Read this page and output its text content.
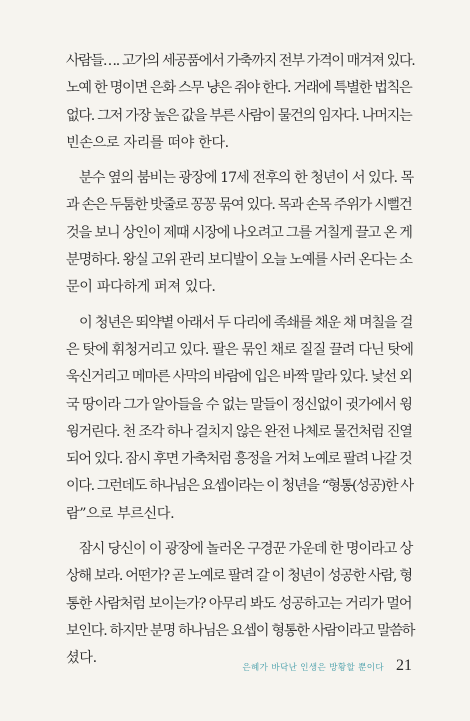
사람들…. 고가의 세공품에서 가축까지 전부 가격이 매겨져 있다.
노예 한 명이면 은화 스무 냥은 쥐야 한다. 거래에 특별한 법칙은
없다. 그저 가장 높은 값을 부른 사람이 물건의 임자다. 나머지는
빈손으로 자리를 떠야 한다.
분수 옆의 붐비는 광장에 17세 전후의 한 청년이 서 있다. 목
과 손은 두툼한 밧줄로 꽁꽁 묶여 있다. 목과 손목 주위가 시뻘건
것을 보니 상인이 제때 시장에 나오려고 그를 거칠게 끌고 온 게
분명하다. 왕실 고위 관리 보디발이 오늘 노예를 사러 온다는 소
문이 파다하게 퍼져 있다.
이 청년은 뙤약볕 아래서 두 다리에 족쇄를 채운 채 며칠을 걸
은 탓에 휘청거리고 있다. 팔은 묶인 채로 질질 끌려 다닌 탓에
욱신거리고 메마른 사막의 바람에 입은 바짝 말라 있다. 낯선 외
국 땅이라 그가 알아들을 수 없는 말들이 정신없이 귓가에서 윙
윙거린다. 천 조각 하나 걸치지 않은 완전 나체로 물건처럼 진열
되어 있다. 잠시 후면 가축처럼 흥정을 거쳐 노예로 팔려 나갈 것
이다. 그런데도 하나님은 요셉이라는 이 청년을 “형통(성공)한 사
람”으로 부르신다.
잠시 당신이 이 광장에 놀러온 구경꾼 가운데 한 명이라고 상
상해 보라. 어떤가? 곧 노예로 팔려 갈 이 청년이 성공한 사람, 형
통한 사람처럼 보이는가? 아무리 봐도 성공하고는 거리가 멀어
보인다. 하지만 분명 하나님은 요셉이 형통한 사람이라고 말씀하
셨다.
은혜가 바닥난 인생은 방황할 뿐이다 21
